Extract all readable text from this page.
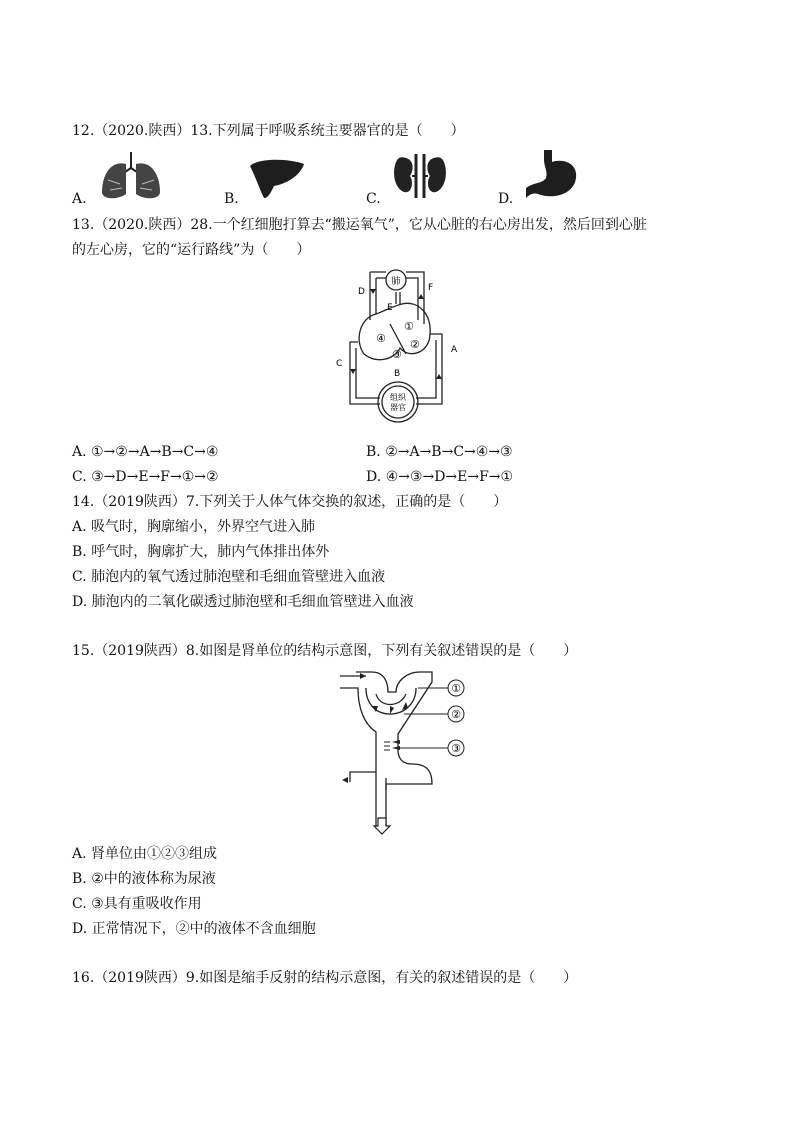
12.（2020.陕西）13.下列属于呼吸系统主要器官的是（　　）
A.	B.	C.	D.
13.（2020.陕西）28.一个红细胞打算去“搬运氧气”，它从心脏的右心房出发，然后回到心脏
的左心房，它的“运行路线”为（　　）
肺
组织
器官
D
E
F
A
B
C
①
②
③
④
A. ①→②→A→B→C→④	B. ②→A→B→C→④→③
C. ③→D→E→F→①→②	D. ④→③→D→E→F→①
14.（2019陕西）7.下列关于人体气体交换的叙述，正确的是（　　）
A. 吸气时，胸廓缩小，外界空气进入肺
B. 呼气时，胸廓扩大，肺内气体排出体外
C. 肺泡内的氧气透过肺泡壁和毛细血管壁进入血液
D. 肺泡内的二氧化碳透过肺泡壁和毛细血管壁进入血液
15.（2019陕西）8.如图是肾单位的结构示意图，下列有关叙述错误的是（　　）
①
②
③
A. 肾单位由①②③组成
B. ②中的液体称为尿液
C. ③具有重吸收作用
D. 正常情况下，②中的液体不含血细胞
16.（2019陕西）9.如图是缩手反射的结构示意图，有关的叙述错误的是（　　）
